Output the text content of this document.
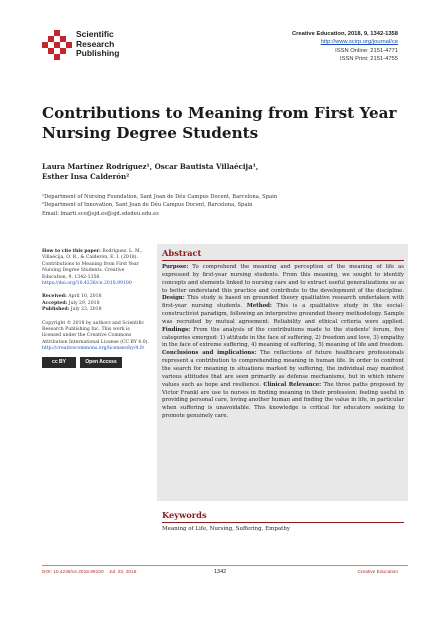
Scientific
Research
Publishing
Creative Education, 2018, 9, 1342-1358
http://www.scirp.org/journal/ce
ISSN Online: 2151-4771
ISSN Print: 2151-4755
Contributions to Meaning from First Year Nursing Degree Students
Laura Martínez Rodríguez¹, Oscar Bautista Villaécija¹,
Esther Insa Calderón²
¹Department of Nursing Foundation, Sant Joan de Déu Campus Docent, Barcelona, Spain
²Department of Innovation, Sant Joan de Déu Campus Docent, Barcelona, Spain
Email: lmarti.sco@sjd.es@sjd.sdedeu.edu.es
How to cite this paper: Rodríguez, L. M., Villaécija, O. B., & Calderón, E. I. (2018). Contributions to Meaning from First Year Nursing Degree Students. Creative Education, 9, 1342-1358.
https://doi.org/10.4236/ce.2018.99100
Received: April 10, 2018
Accepted: July 29, 2018
Published: July 23, 2018
Copyright © 2018 by authors and Scientific Research Publishing Inc. This work is licensed under the Creative Commons Attribution International License (CC BY 4.0).
http://creativecommons.org/licenses/by/4.0/
cc BY	Open Access
Abstract
Purpose: To comprehend the meaning and perception of the meaning of life as expressed by first-year nursing students. From this meaning, we sought to identify concepts and elements linked to nursing care and to extract useful generalizations so as to better understand this practice and contribute to the development of the discipline. Design: This study is based on grounded theory qualitative research undertaken with first-year nursing students. Method: This is a qualitative study in the social-constructivist paradigm, following an interpretive grounded theory methodology. Sample was recruited by mutual agreement. Reliability and ethical criteria were applied. Findings: From the analysis of the contributions made to the students' forum, five categories emerged: 1) attitude in the face of suffering, 2) freedom and love, 3) empathy in the face of extreme suffering, 4) meaning of suffering, 5) meaning of life and freedom. Conclusions and implications: The reflections of future healthcare professionals represent a contribution to comprehending meaning in human life. In order to confront the search for meaning in situations marked by suffering, the individual may manifest various attitudes that are seen primarily as defense mechanisms, but in which inhere values such as hope and resilience. Clinical Relevance: The three paths proposed by Victor Frankl are use to nurses in finding meaning in their profession: feeling useful in providing personal care, loving another human and finding the value in life, in particular when suffering is unavoidable. This knowledge is critical for educators seeking to promote genuinely care.
Keywords
Meaning of Life, Nursing, Suffering, Empathy
DOI: 10.4236/ce.2018.99100 Jul. 23, 2018	1342	Creative Education
